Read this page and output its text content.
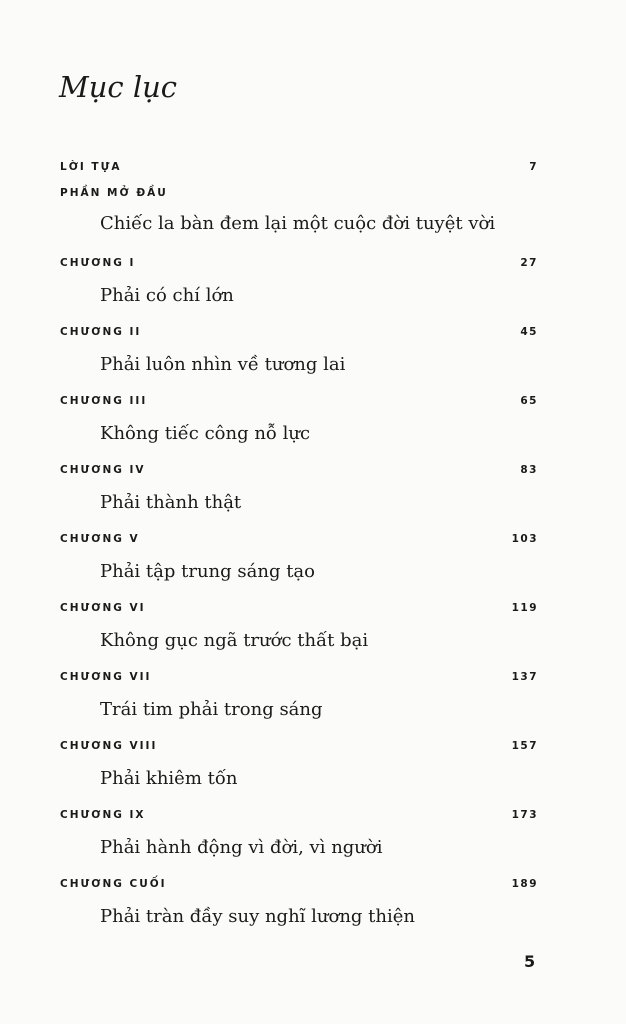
Mục lục
LỜI TỰA	7
PHẦN MỞ ĐẦU
Chiếc la bàn đem lại một cuộc đời tuyệt vời
CHƯƠNG I	27
Phải có chí lớn
CHƯƠNG II	45
Phải luôn nhìn về tương lai
CHƯƠNG III	65
Không tiếc công nỗ lực
CHƯƠNG IV	83
Phải thành thật
CHƯƠNG V	103
Phải tập trung sáng tạo
CHƯƠNG VI	119
Không gục ngã trước thất bại
CHƯƠNG VII	137
Trái tim phải trong sáng
CHƯƠNG VIII	157
Phải khiêm tốn
CHƯƠNG IX	173
Phải hành động vì đời, vì người
CHƯƠNG CUỐI	189
Phải tràn đầy suy nghĩ lương thiện
5
